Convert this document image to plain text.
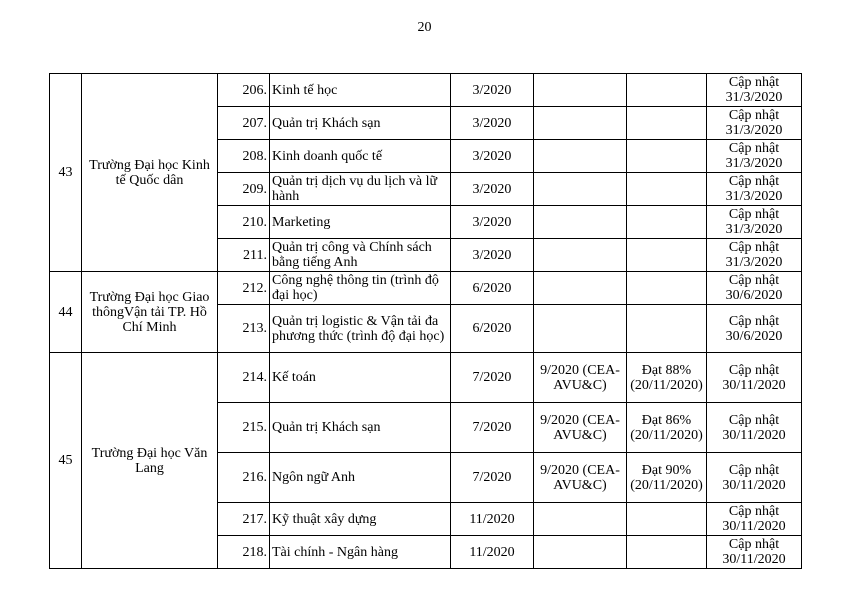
20
43	Trường Đại học Kinh tế Quốc dân	206.	Kinh tế học	3/2020			Cập nhật 31/3/2020
		207.	Quản trị Khách sạn	3/2020			Cập nhật 31/3/2020
		208.	Kinh doanh quốc tế	3/2020			Cập nhật 31/3/2020
		209.	Quản trị dịch vụ du lịch và lữ hành	3/2020			Cập nhật 31/3/2020
		210.	Marketing	3/2020			Cập nhật 31/3/2020
		211.	Quản trị công và Chính sách bằng tiếng Anh	3/2020			Cập nhật 31/3/2020
44	Trường Đại học Giao thôngVận tải TP. Hồ Chí Minh	212.	Công nghệ thông tin (trình độ đại học)	6/2020			Cập nhật 30/6/2020
		213.	Quản trị logistic & Vận tải đa phương thức (trình độ đại học)	6/2020			Cập nhật 30/6/2020
45	Trường Đại học Văn Lang	214.	Kế toán	7/2020	9/2020 (CEA-AVU&C)	Đạt 88% (20/11/2020)	Cập nhật 30/11/2020
		215.	Quản trị Khách sạn	7/2020	9/2020 (CEA-AVU&C)	Đạt 86% (20/11/2020)	Cập nhật 30/11/2020
		216.	Ngôn ngữ Anh	7/2020	9/2020 (CEA-AVU&C)	Đạt 90% (20/11/2020)	Cập nhật 30/11/2020
		217.	Kỹ thuật xây dựng	11/2020			Cập nhật 30/11/2020
		218.	Tài chính - Ngân hàng	11/2020			Cập nhật 30/11/2020
